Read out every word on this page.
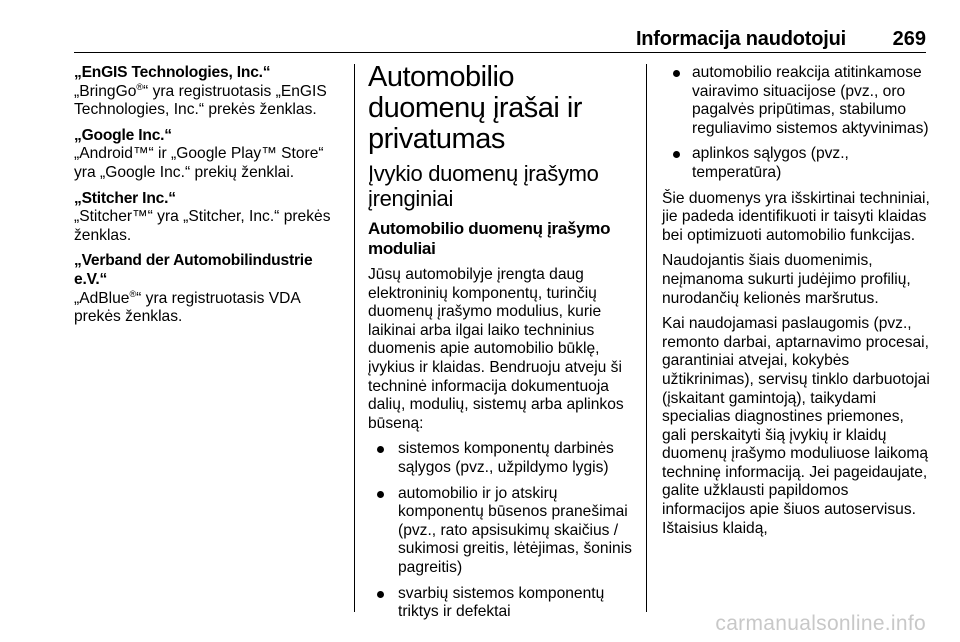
Informacija naudotojui 269
„EnGIS Technologies, Inc.“
„BringGo®“ yra registruotasis „EnGIS Technologies, Inc.“ prekės ženklas.
„Google Inc.“
„Android™“ ir „Google Play™ Store“ yra „Google Inc.“ prekių ženklai.
„Stitcher Inc.“
„Stitcher™“ yra „Stitcher, Inc.“ prekės ženklas.
„Verband der Automobilindustrie e.V.“
„AdBlue®“ yra registruotasis VDA prekės ženklas.
Automobilio duomenų įrašai ir privatumas
Įvykio duomenų įrašymo įrenginiai
Automobilio duomenų įrašymo moduliai

Jūsų automobilyje įrengta daug elektroninių komponentų, turinčių duomenų įrašymo modulius, kurie laikinai arba ilgai laiko techninius duomenis apie automobilio būklę, įvykius ir klaidas. Bendruoju atveju ši techninė informacija dokumentuoja dalių, modulių, sistemų arba aplinkos būseną:

sistemos komponentų darbinės sąlygos (pvz., užpildymo lygis)
automobilio ir jo atskirų komponentų būsenos pranešimai (pvz., rato apsisukimų skaičius / sukimosi greitis, lėtėjimas, šoninis pagreitis)
svarbių sistemos komponentų triktys ir defektai
automobilio reakcija atitinkamose vairavimo situacijose (pvz., oro pagalvės pripūtimas, stabilumo reguliavimo sistemos aktyvinimas)
aplinkos sąlygos (pvz., temperatūra)

Šie duomenys yra išskirtinai techniniai, jie padeda identifikuoti ir taisyti klaidas bei optimizuoti automobilio funkcijas.

Naudojantis šiais duomenimis, neįmanoma sukurti judėjimo profilių, nurodančių kelionės maršrutus.

Kai naudojamasi paslaugomis (pvz., remonto darbai, aptarnavimo procesai, garantiniai atvejai, kokybės užtikrinimas), servisų tinklo darbuotojai (įskaitant gamintoją), taikydami specialias diagnostines priemones, gali perskaityti šią įvykių ir klaidų duomenų įrašymo moduliuose laikomą techninę informaciją. Jei pageidaujate, galite užklausti papildomos informacijos apie šiuos autoservisus. Ištaisius klaidą,

carmanualsonline.info
